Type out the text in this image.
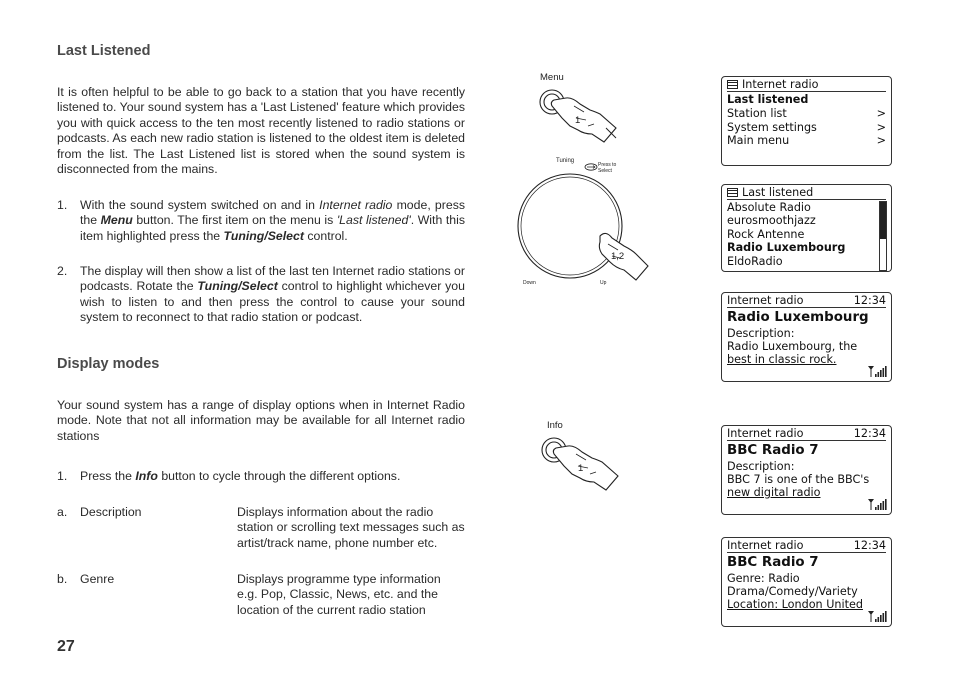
Last Listened
It is often helpful to be able to go back to a station that you have recently listened to. Your sound system has a 'Last Listened' feature which provides you with quick access to the ten most recently listened to radio stations or podcasts. As each new radio station is listened to the oldest item is deleted from the list. The Last Listened list is stored when the sound system is disconnected from the mains.
1.	With the sound system switched on and in Internet radio mode, press the Menu button. The first item on the menu is 'Last listened'. With this item highlighted press the Tuning/Select control.
2.	The display will then show a list of the last ten Internet radio stations or podcasts. Rotate the Tuning/Select control to highlight whichever you wish to listen to and then press the control to cause your sound system to reconnect to that radio station or podcast.
Display modes
Your sound system has a range of display options when in Internet Radio mode. Note that not all information may be available for all Internet radio stations
1.	Press the Info button to cycle through the different options.
a. Description	Displays information about the radio station or scrolling text messages such as artist/track name, phone number etc.
b. Genre	Displays programme type information e.g. Pop, Classic, News, etc. and the location of the current radio station
27
Menu
1
Tuning
Press to
Select
1,2
Down	Up
Info
1
Internet radio
Last listened
Station list	>
System settings	>
Main menu	>
Last listened
Absolute Radio
eurosmoothjazz
Rock Antenne
Radio Luxembourg
EldoRadio
Internet radio	12:34
Radio Luxembourg
Description:
Radio Luxembourg, the
best in classic rock.
Internet radio	12:34
BBC Radio 7
Description:
BBC 7 is one of the BBC's
new digital radio
Internet radio	12:34
BBC Radio 7
Genre: Radio
Drama/Comedy/Variety
Location: London United
